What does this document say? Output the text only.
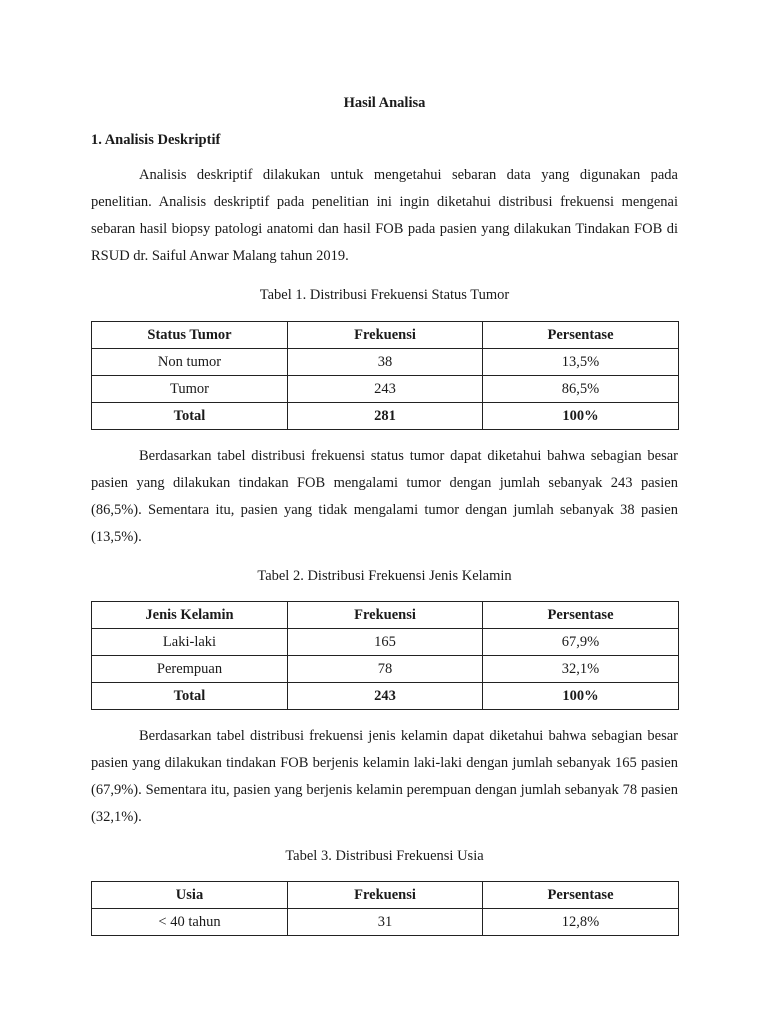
Hasil Analisa
1. Analisis Deskriptif

Analisis deskriptif dilakukan untuk mengetahui sebaran data yang digunakan pada penelitian. Analisis deskriptif pada penelitian ini ingin diketahui distribusi frekuensi mengenai sebaran hasil biopsy patologi anatomi dan hasil FOB pada pasien yang dilakukan Tindakan FOB di RSUD dr. Saiful Anwar Malang tahun 2019.

Tabel 1. Distribusi Frekuensi Status Tumor
Status Tumor	Frekuensi	Persentase
Non tumor	38	13,5%
Tumor	243	86,5%
Total	281	100%

Berdasarkan tabel distribusi frekuensi status tumor dapat diketahui bahwa sebagian besar pasien yang dilakukan tindakan FOB mengalami tumor dengan jumlah sebanyak 243 pasien (86,5%). Sementara itu, pasien yang tidak mengalami tumor dengan jumlah sebanyak 38 pasien (13,5%).

Tabel 2. Distribusi Frekuensi Jenis Kelamin
Jenis Kelamin	Frekuensi	Persentase
Laki-laki	165	67,9%
Perempuan	78	32,1%
Total	243	100%

Berdasarkan tabel distribusi frekuensi jenis kelamin dapat diketahui bahwa sebagian besar pasien yang dilakukan tindakan FOB berjenis kelamin laki-laki dengan jumlah sebanyak 165 pasien (67,9%). Sementara itu, pasien yang berjenis kelamin perempuan dengan jumlah sebanyak 78 pasien (32,1%).

Tabel 3. Distribusi Frekuensi Usia
Usia	Frekuensi	Persentase
< 40 tahun	31	12,8%
